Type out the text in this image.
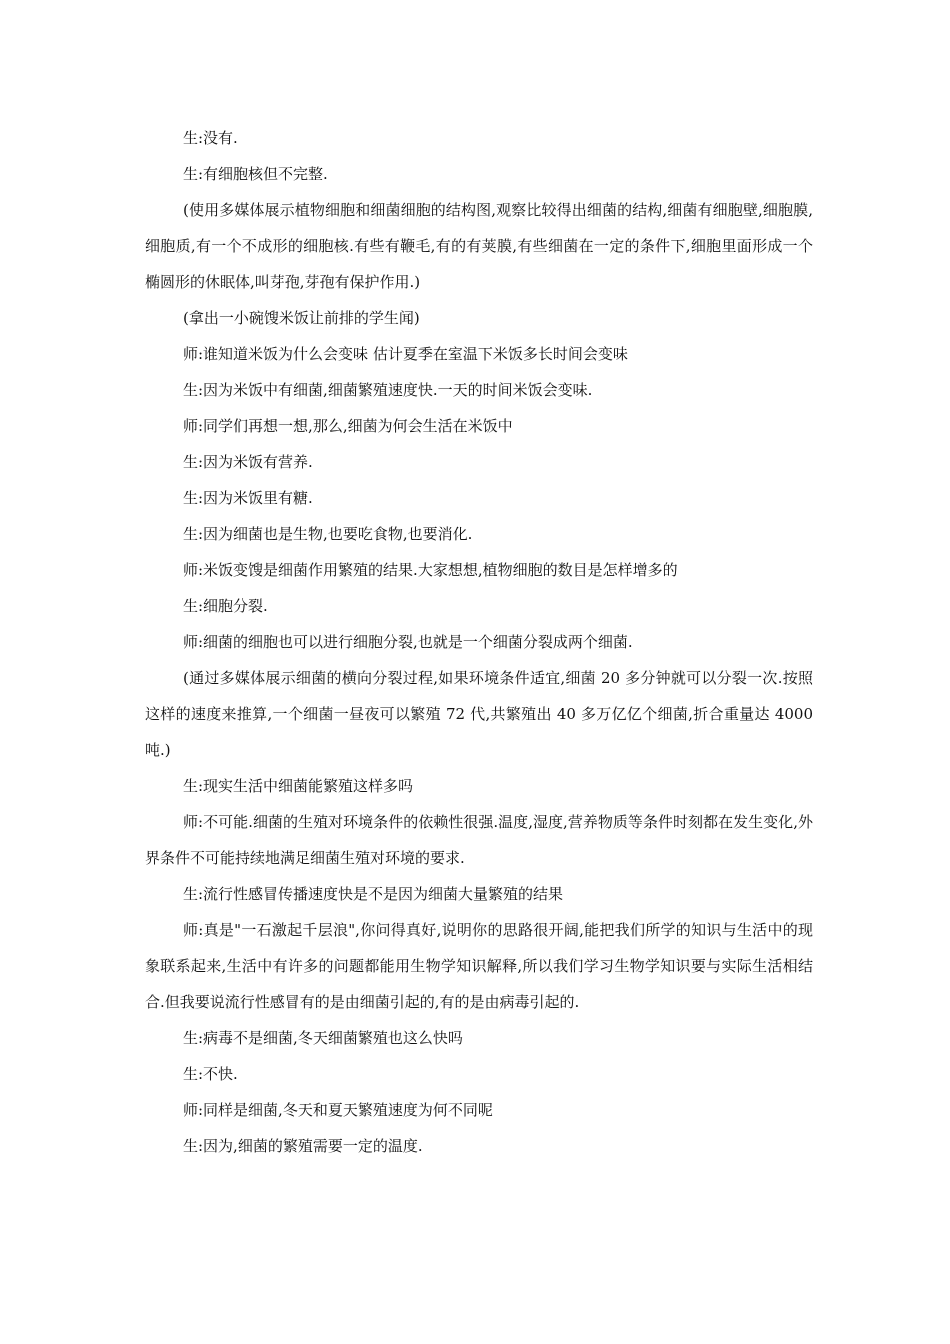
生:没有.

生:有细胞核但不完整.

(使用多媒体展示植物细胞和细菌细胞的结构图,观察比较得出细菌的结构,细菌有细胞壁,细胞膜,细胞质,有一个不成形的细胞核.有些有鞭毛,有的有荚膜,有些细菌在一定的条件下,细胞里面形成一个椭圆形的休眠体,叫芽孢,芽孢有保护作用.)

(拿出一小碗馊米饭让前排的学生闻)

师:谁知道米饭为什么会变味 估计夏季在室温下米饭多长时间会变味

生:因为米饭中有细菌,细菌繁殖速度快.一天的时间米饭会变味.

师:同学们再想一想,那么,细菌为何会生活在米饭中

生:因为米饭有营养.

生:因为米饭里有糖.

生:因为细菌也是生物,也要吃食物,也要消化.

师:米饭变馊是细菌作用繁殖的结果.大家想想,植物细胞的数目是怎样增多的

生:细胞分裂.

师:细菌的细胞也可以进行细胞分裂,也就是一个细菌分裂成两个细菌.

(通过多媒体展示细菌的横向分裂过程,如果环境条件适宜,细菌 20 多分钟就可以分裂一次.按照这样的速度来推算,一个细菌一昼夜可以繁殖 72 代,共繁殖出 40 多万亿亿个细菌,折合重量达 4000 吨.)

生:现实生活中细菌能繁殖这样多吗

师:不可能.细菌的生殖对环境条件的依赖性很强.温度,湿度,营养物质等条件时刻都在发生变化,外界条件不可能持续地满足细菌生殖对环境的要求.

生:流行性感冒传播速度快是不是因为细菌大量繁殖的结果

师:真是"一石激起千层浪",你问得真好,说明你的思路很开阔,能把我们所学的知识与生活中的现象联系起来,生活中有许多的问题都能用生物学知识解释,所以我们学习生物学知识要与实际生活相结合.但我要说流行性感冒有的是由细菌引起的,有的是由病毒引起的.

生:病毒不是细菌,冬天细菌繁殖也这么快吗

生:不快.

师:同样是细菌,冬天和夏天繁殖速度为何不同呢

生:因为,细菌的繁殖需要一定的温度.
